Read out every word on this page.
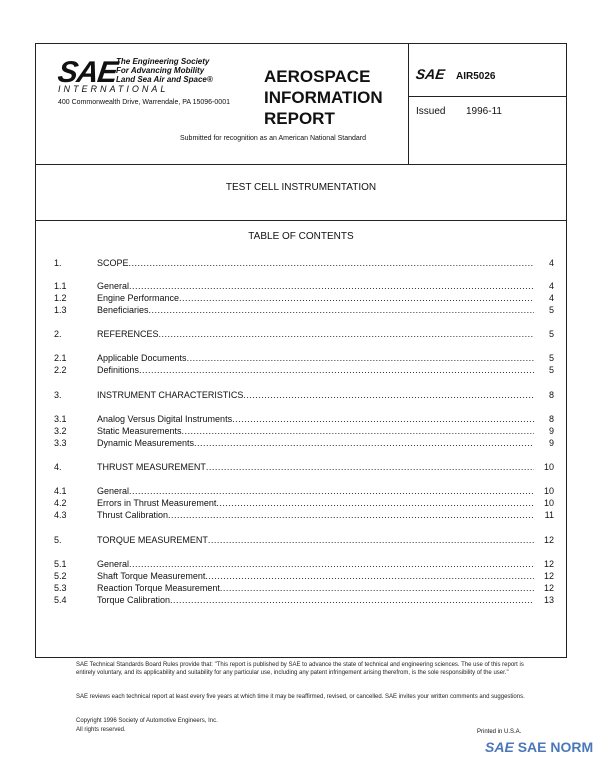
SAE
The Engineering Society
For Advancing Mobility
Land Sea Air and Space®
INTERNATIONAL
400 Commonwealth Drive, Warrendale, PA 15096-0001
AEROSPACE
INFORMATION
REPORT
Submitted for recognition as an American National Standard
SAE AIR5026
Issued 1996-11
TEST CELL INSTRUMENTATION
TABLE OF CONTENTS
1.	SCOPE .....	4
1.1	General .....	4
1.2	Engine Performance .....	4
1.3	Beneficiaries .....	5
2.	REFERENCES .....	5
2.1	Applicable Documents .....	5
2.2	Definitions .....	5
3.	INSTRUMENT CHARACTERISTICS .....	8
3.1	Analog Versus Digital Instruments .....	8
3.2	Static Measurements .....	9
3.3	Dynamic Measurements .....	9
4.	THRUST MEASUREMENT .....	10
4.1	General .....	10
4.2	Errors in Thrust Measurement .....	10
4.3	Thrust Calibration .....	11
5.	TORQUE MEASUREMENT .....	12
5.1	General .....	12
5.2	Shaft Torque Measurement .....	12
5.3	Reaction Torque Measurement .....	12
5.4	Torque Calibration .....	13
SAE Technical Standards Board Rules provide that: "This report is published by SAE to advance the state of technical and engineering sciences. The use of this report is entirely voluntary, and its applicability and suitability for any particular use, including any patent infringement arising therefrom, is the sole responsibility of the user."
SAE reviews each technical report at least every five years at which time it may be reaffirmed, revised, or cancelled. SAE invites your written comments and suggestions.
Copyright 1996 Society of Automotive Engineers, Inc.
All rights reserved.	Printed in U.S.A.
SAE SAE NORM
